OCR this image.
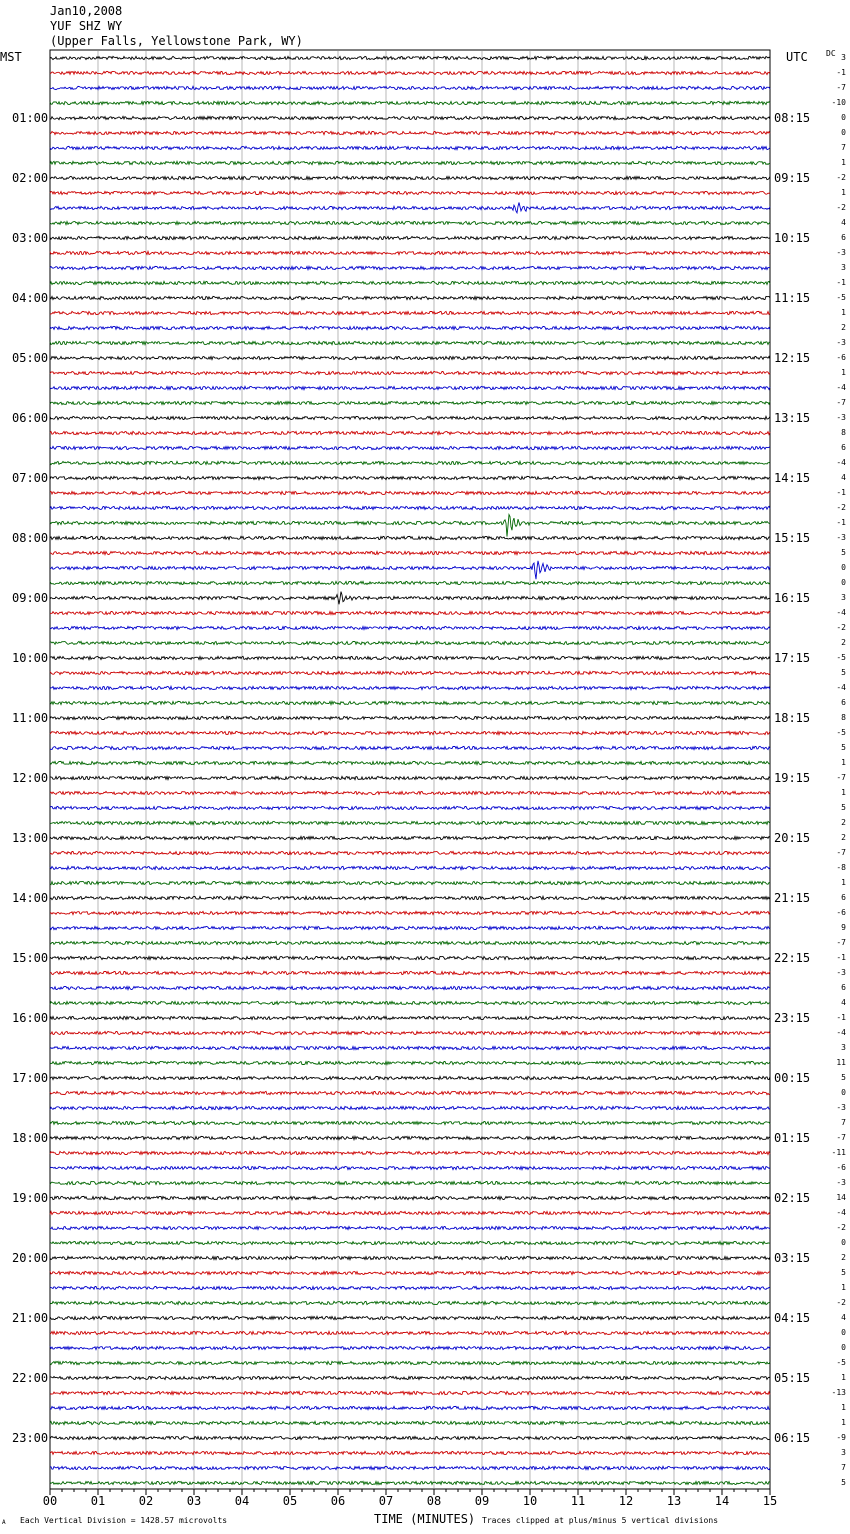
00	01	02	03	04	05	06	07	08	09	10	11	12	13	14	15
Jan10,2008
YUF SHZ WY
(Upper Falls, Yellowstone Park, WY)
MST	UTC DC
01:00
02:00
03:00
04:00
05:00
06:00
07:00
08:00
09:00
10:00
11:00
12:00
13:00
14:00
15:00
16:00
17:00
18:00
19:00
20:00
21:00
22:00
23:00
08:15
09:15
10:15
11:15
12:15
13:15
14:15
15:15
16:15
17:15
18:15
19:15
20:15
21:15
22:15
23:15
00:15
01:15
02:15
03:15
04:15
05:15
06:15
3
-1
-7
-10
0
0
7
1
-2
1
-2
4
6
-3
3
-1
-5
1
2
-3
-6
1
-4
-7
-3
8
6
-4
4
-1
-2
-1
-3
5
0
0
3
-4
-2
2
-5
5
-4
6
8
-5
5
1
-7
1
5
2
2
-7
-8
1
6
-6
9
-7
-1
-3
6
4
-1
-4
3
11
5
0
-3
7
-7
-11
-6
-3
14
-4
-2
0
2
5
1
-2
4
0
0
-5
1
-13
1
1
-9
3
7
5
Each Vertical Division = 1428.57 microvolts	TIME (MINUTES) Traces clipped at plus/minus 5 vertical divisions
A
